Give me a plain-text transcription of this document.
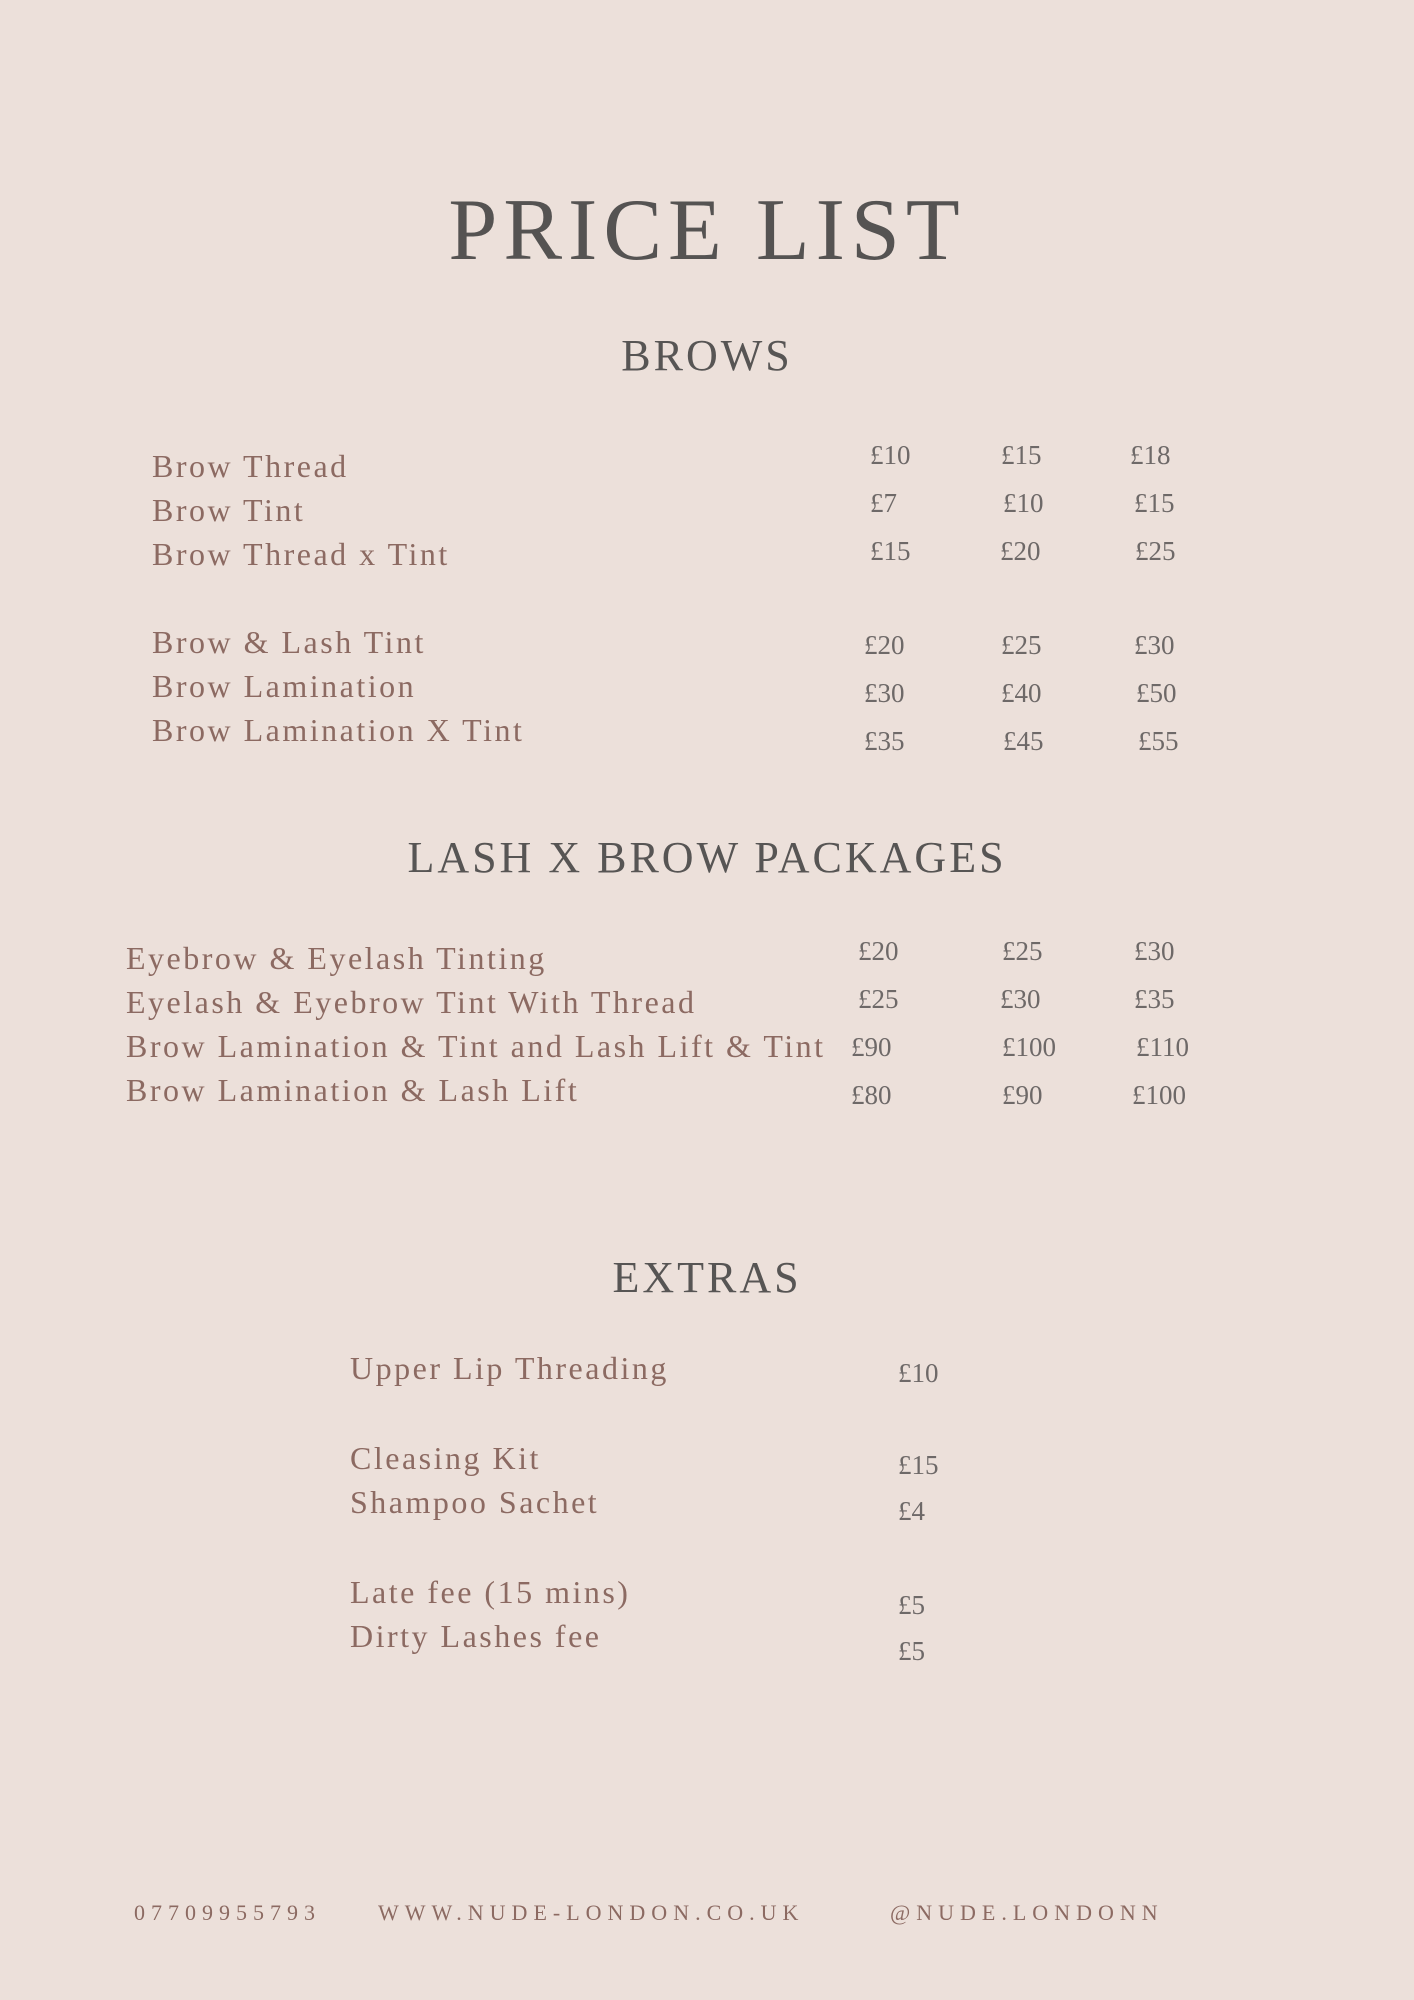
PRICE LIST
BROWS
Brow Thread	£10	£15	£18
Brow Tint	£7	£10	£15
Brow Thread x Tint	£15	£20	£25
Brow & Lash Tint	£20	£25	£30
Brow Lamination	£30	£40	£50
Brow Lamination X Tint	£35	£45	£55
LASH X BROW PACKAGES
Eyebrow & Eyelash Tinting	£20	£25	£30
Eyelash & Eyebrow Tint With Thread	£25	£30	£35
Brow Lamination & Tint and Lash Lift & Tint £90	£100	£110
Brow Lamination & Lash Lift	£80	£90	£100
EXTRAS
Upper Lip Threading	£10
Cleasing Kit	£15
Shampoo Sachet	£4
Late fee (15 mins)	£5
Dirty Lashes fee	£5
07709955793	WWW.NUDE-LONDON.CO.UK	@NUDE.LONDONN
